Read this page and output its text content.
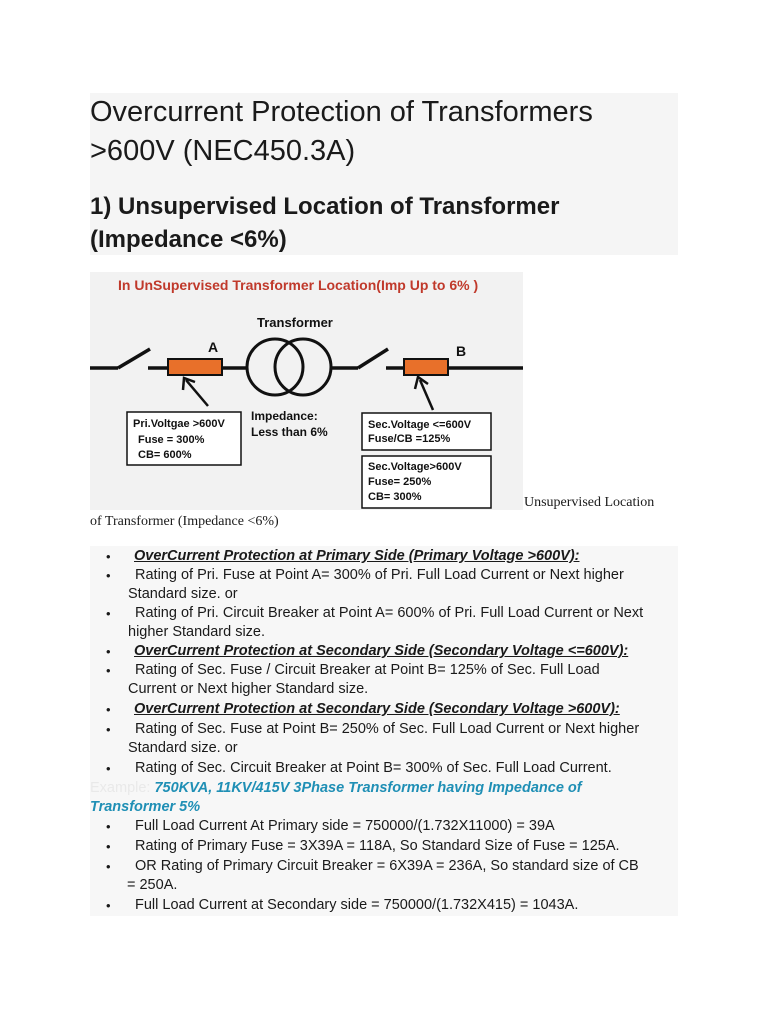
Overcurrent Protection of Transformers >600V (NEC450.3A)
1) Unsupervised Location of Transformer (Impedance <6%)
In UnSupervised Transformer Location(Imp Up to 6% )
Transformer
A	B
Pri.Voltgae >600V
Fuse = 300%
CB= 600%
Impedance:
Less than 6%	Sec.Voltage <=600V
Fuse/CB =125%
Sec.Voltage>600V
Fuse= 250%
CB= 300%	Unsupervised Location
of Transformer (Impedance <6%)
• OverCurrent Protection at Primary Side (Primary Voltage >600V):
• Rating of Pri. Fuse at Point A= 300% of Pri. Full Load Current or Next higher
Standard size. or
• Rating of Pri. Circuit Breaker at Point A= 600% of Pri. Full Load Current or Next
higher Standard size.
• OverCurrent Protection at Secondary Side (Secondary Voltage <=600V):
• Rating of Sec. Fuse / Circuit Breaker at Point B= 125% of Sec. Full Load
Current or Next higher Standard size.
• OverCurrent Protection at Secondary Side (Secondary Voltage >600V):
• Rating of Sec. Fuse at Point B= 250% of Sec. Full Load Current or Next higher
Standard size. or
• Rating of Sec. Circuit Breaker at Point B= 300% of Sec. Full Load Current.
Example: 750KVA, 11KV/415V 3Phase Transformer having Impedance of
Transformer 5%
• Full Load Current At Primary side = 750000/(1.732X11000) = 39A
• Rating of Primary Fuse = 3X39A = 118A, So Standard Size of Fuse = 125A.
• OR Rating of Primary Circuit Breaker = 6X39A = 236A, So standard size of CB
= 250A.
• Full Load Current at Secondary side = 750000/(1.732X415) = 1043A.
